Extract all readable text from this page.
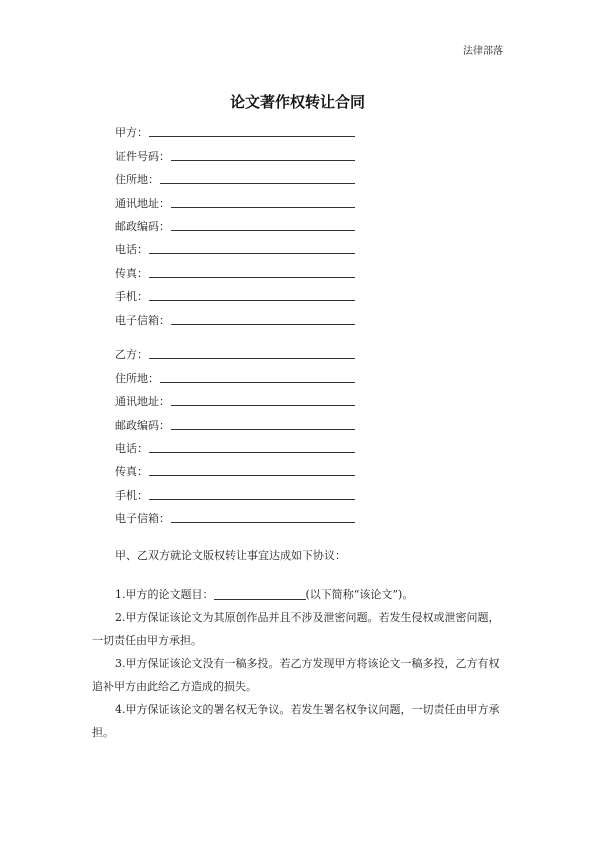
法律部落
论文著作权转让合同
甲方：
证件号码：
住所地：
通讯地址：
邮政编码：
电话：
传真：
手机：
电子信箱：
乙方：
住所地：
通讯地址：
邮政编码：
电话：
传真：
手机：
电子信箱：
甲、乙双方就论文版权转让事宜达成如下协议：

1.甲方的论文题目：	(以下简称“该论文”)。

2.甲方保证该论文为其原创作品并且不涉及泄密问题。若发生侵权或泄密问题，一切责任由甲方承担。

3.甲方保证该论文没有一稿多投。若乙方发现甲方将该论文一稿多投，乙方有权追补甲方由此给乙方造成的损失。

4.甲方保证该论文的署名权无争议。若发生署名权争议问题，一切责任由甲方承担。
